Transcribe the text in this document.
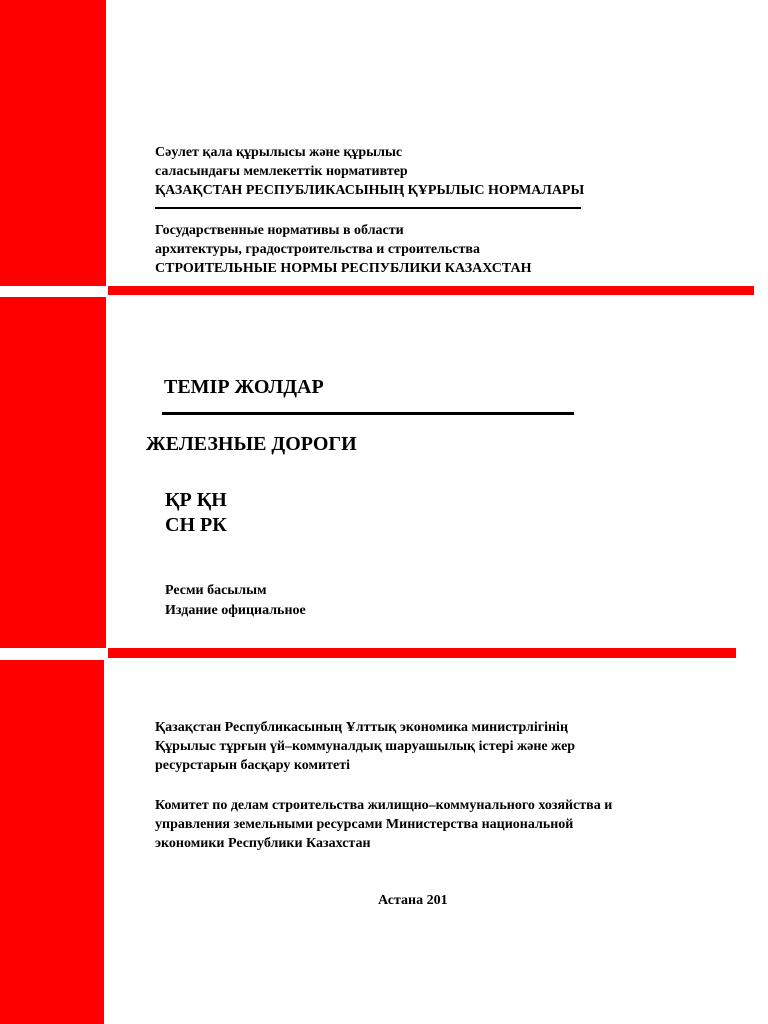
Сәулет қала құрылысы және құрылыс
саласындағы мемлекеттік нормативтер
ҚАЗАҚСТАН РЕСПУБЛИКАСЫНЫҢ ҚҰРЫЛЫС НОРМАЛАРЫ
Государственные нормативы в области
архитектуры, градостроительства и строительства
СТРОИТЕЛЬНЫЕ НОРМЫ РЕСПУБЛИКИ КАЗАХСТАН
ТЕМІР ЖОЛДАР
ЖЕЛЕЗНЫЕ ДОРОГИ
ҚР ҚН
СН РК
Ресми басылым
Издание официальное
Қазақстан Республикасының Ұлттық экономика министрлігінің
Құрылыс тұрғын үй–коммуналдық шаруашылық істері және жер
ресурстарын басқару комитеті
Комитет по делам строительства жилищно–коммунального хозяйства и
управления земельными ресурсами Министерства национальной
экономики Республики Казахстан
Астана 201
